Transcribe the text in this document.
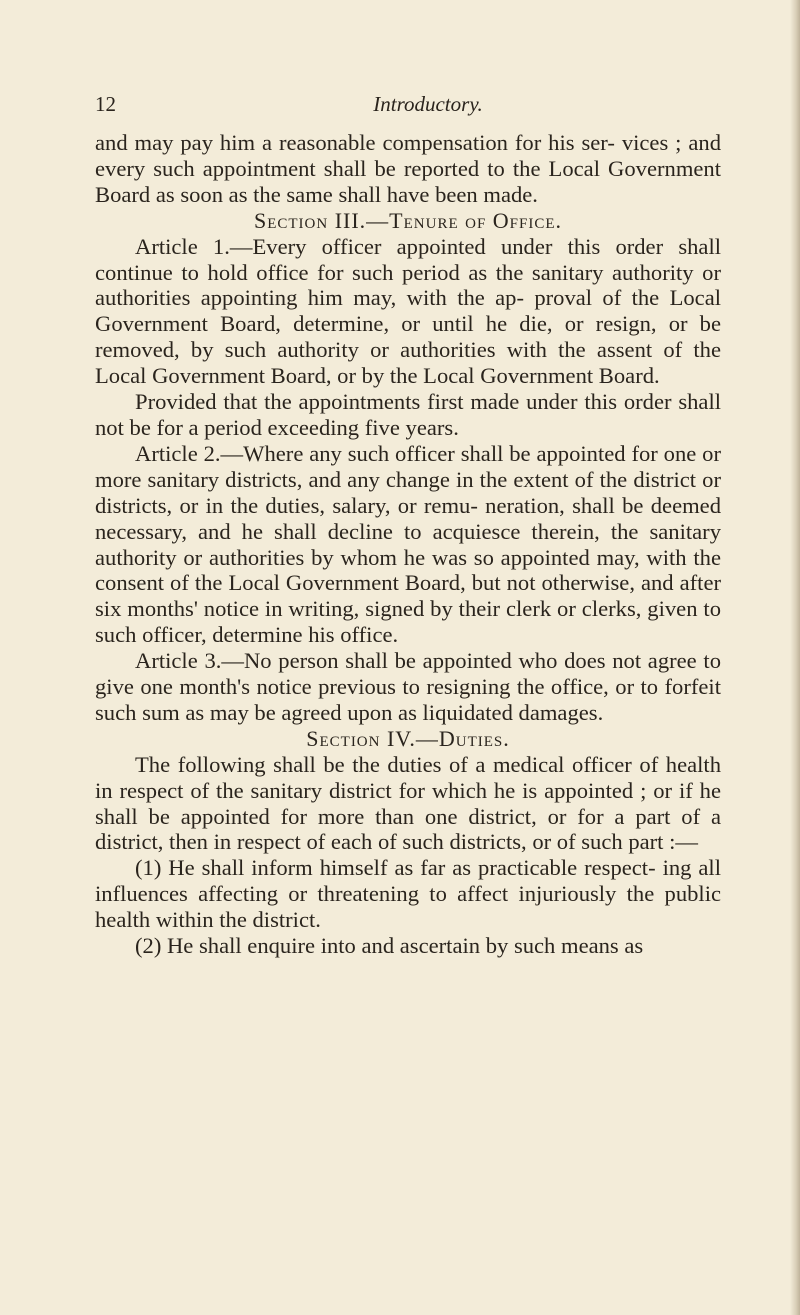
12	Introductory.

and may pay him a reasonable compensation for his ser- vices ; and every such appointment shall be reported to the Local Government Board as soon as the same shall have been made.

Section III.—Tenure of Office.

Article 1.—Every officer appointed under this order shall continue to hold office for such period as the sanitary authority or authorities appointing him may, with the ap- proval of the Local Government Board, determine, or until he die, or resign, or be removed, by such authority or authorities with the assent of the Local Government Board, or by the Local Government Board.

Provided that the appointments first made under this order shall not be for a period exceeding five years.

Article 2.—Where any such officer shall be appointed for one or more sanitary districts, and any change in the extent of the district or districts, or in the duties, salary, or remu- neration, shall be deemed necessary, and he shall decline to acquiesce therein, the sanitary authority or authorities by whom he was so appointed may, with the consent of the Local Government Board, but not otherwise, and after six months' notice in writing, signed by their clerk or clerks, given to such officer, determine his office.

Article 3.—No person shall be appointed who does not agree to give one month's notice previous to resigning the office, or to forfeit such sum as may be agreed upon as liquidated damages.

Section IV.—Duties.

The following shall be the duties of a medical officer of health in respect of the sanitary district for which he is appointed ; or if he shall be appointed for more than one district, or for a part of a district, then in respect of each of such districts, or of such part :—

(1) He shall inform himself as far as practicable respect- ing all influences affecting or threatening to affect injuriously the public health within the district.

(2) He shall enquire into and ascertain by such means as
